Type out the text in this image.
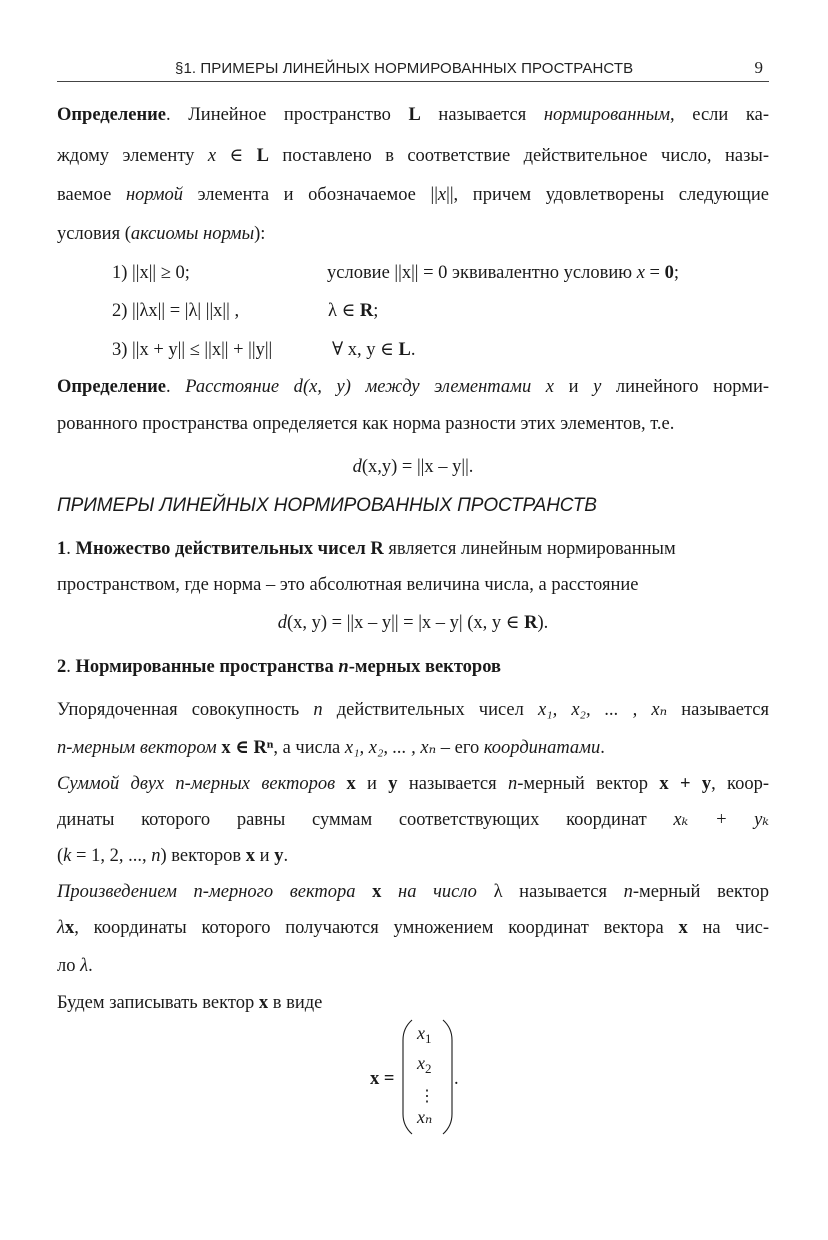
§1. ПРИМЕРЫ ЛИНЕЙНЫХ НОРМИРОВАННЫХ ПРОСТРАНСТВ	9
Определение. Линейное пространство L называется нормированным, если ка-
ждому элементу x ∈ L поставлено в соответствие действительное число, назы-
ваемое нормой элемента и обозначаемое ||x||, причем удовлетворены следующие
условия (аксиомы нормы):
1) ||x|| ≥ 0;	условие ||x|| = 0 эквивалентно условию x = 0;
2) ||λx|| = |λ| ||x|| ,	λ ∈ R;
3) ||x + y|| ≤ ||x|| + ||y||	∀ x, y ∈ L.
Определение. Расстояние d(x, y) между элементами x и y линейного норми-
рованного пространства определяется как норма разности этих элементов, т.е.
d(x,y) = ||x – y||.
ПРИМЕРЫ ЛИНЕЙНЫХ НОРМИРОВАННЫХ ПРОСТРАНСТВ
1. Множество действительных чисел R является линейным нормированным
пространством, где норма – это абсолютная величина числа, а расстояние
d(x, y) = ||x – y|| = |x – y| (x, y ∈ R).
2. Нормированные пространства n-мерных векторов
Упорядоченная совокупность n действительных чисел x₁, x₂, ... , xₙ называется
n-мерным вектором x ∈ Rⁿ, а числа x₁, x₂, ... , xₙ – его координатами.
Суммой двух n-мерных векторов x и y называется n-мерный вектор x + y, коор-
динаты которого равны суммам соответствующих координат xₖ + yₖ
(k = 1, 2, ..., n) векторов x и y.
Произведением n-мерного вектора x на число λ называется n-мерный вектор
λx, координаты которого получаются умножением координат вектора x на чис-
ло λ.
Будем записывать вектор x в виде
x =
$x_1$
$x_2$
⋮
xₙ
.
